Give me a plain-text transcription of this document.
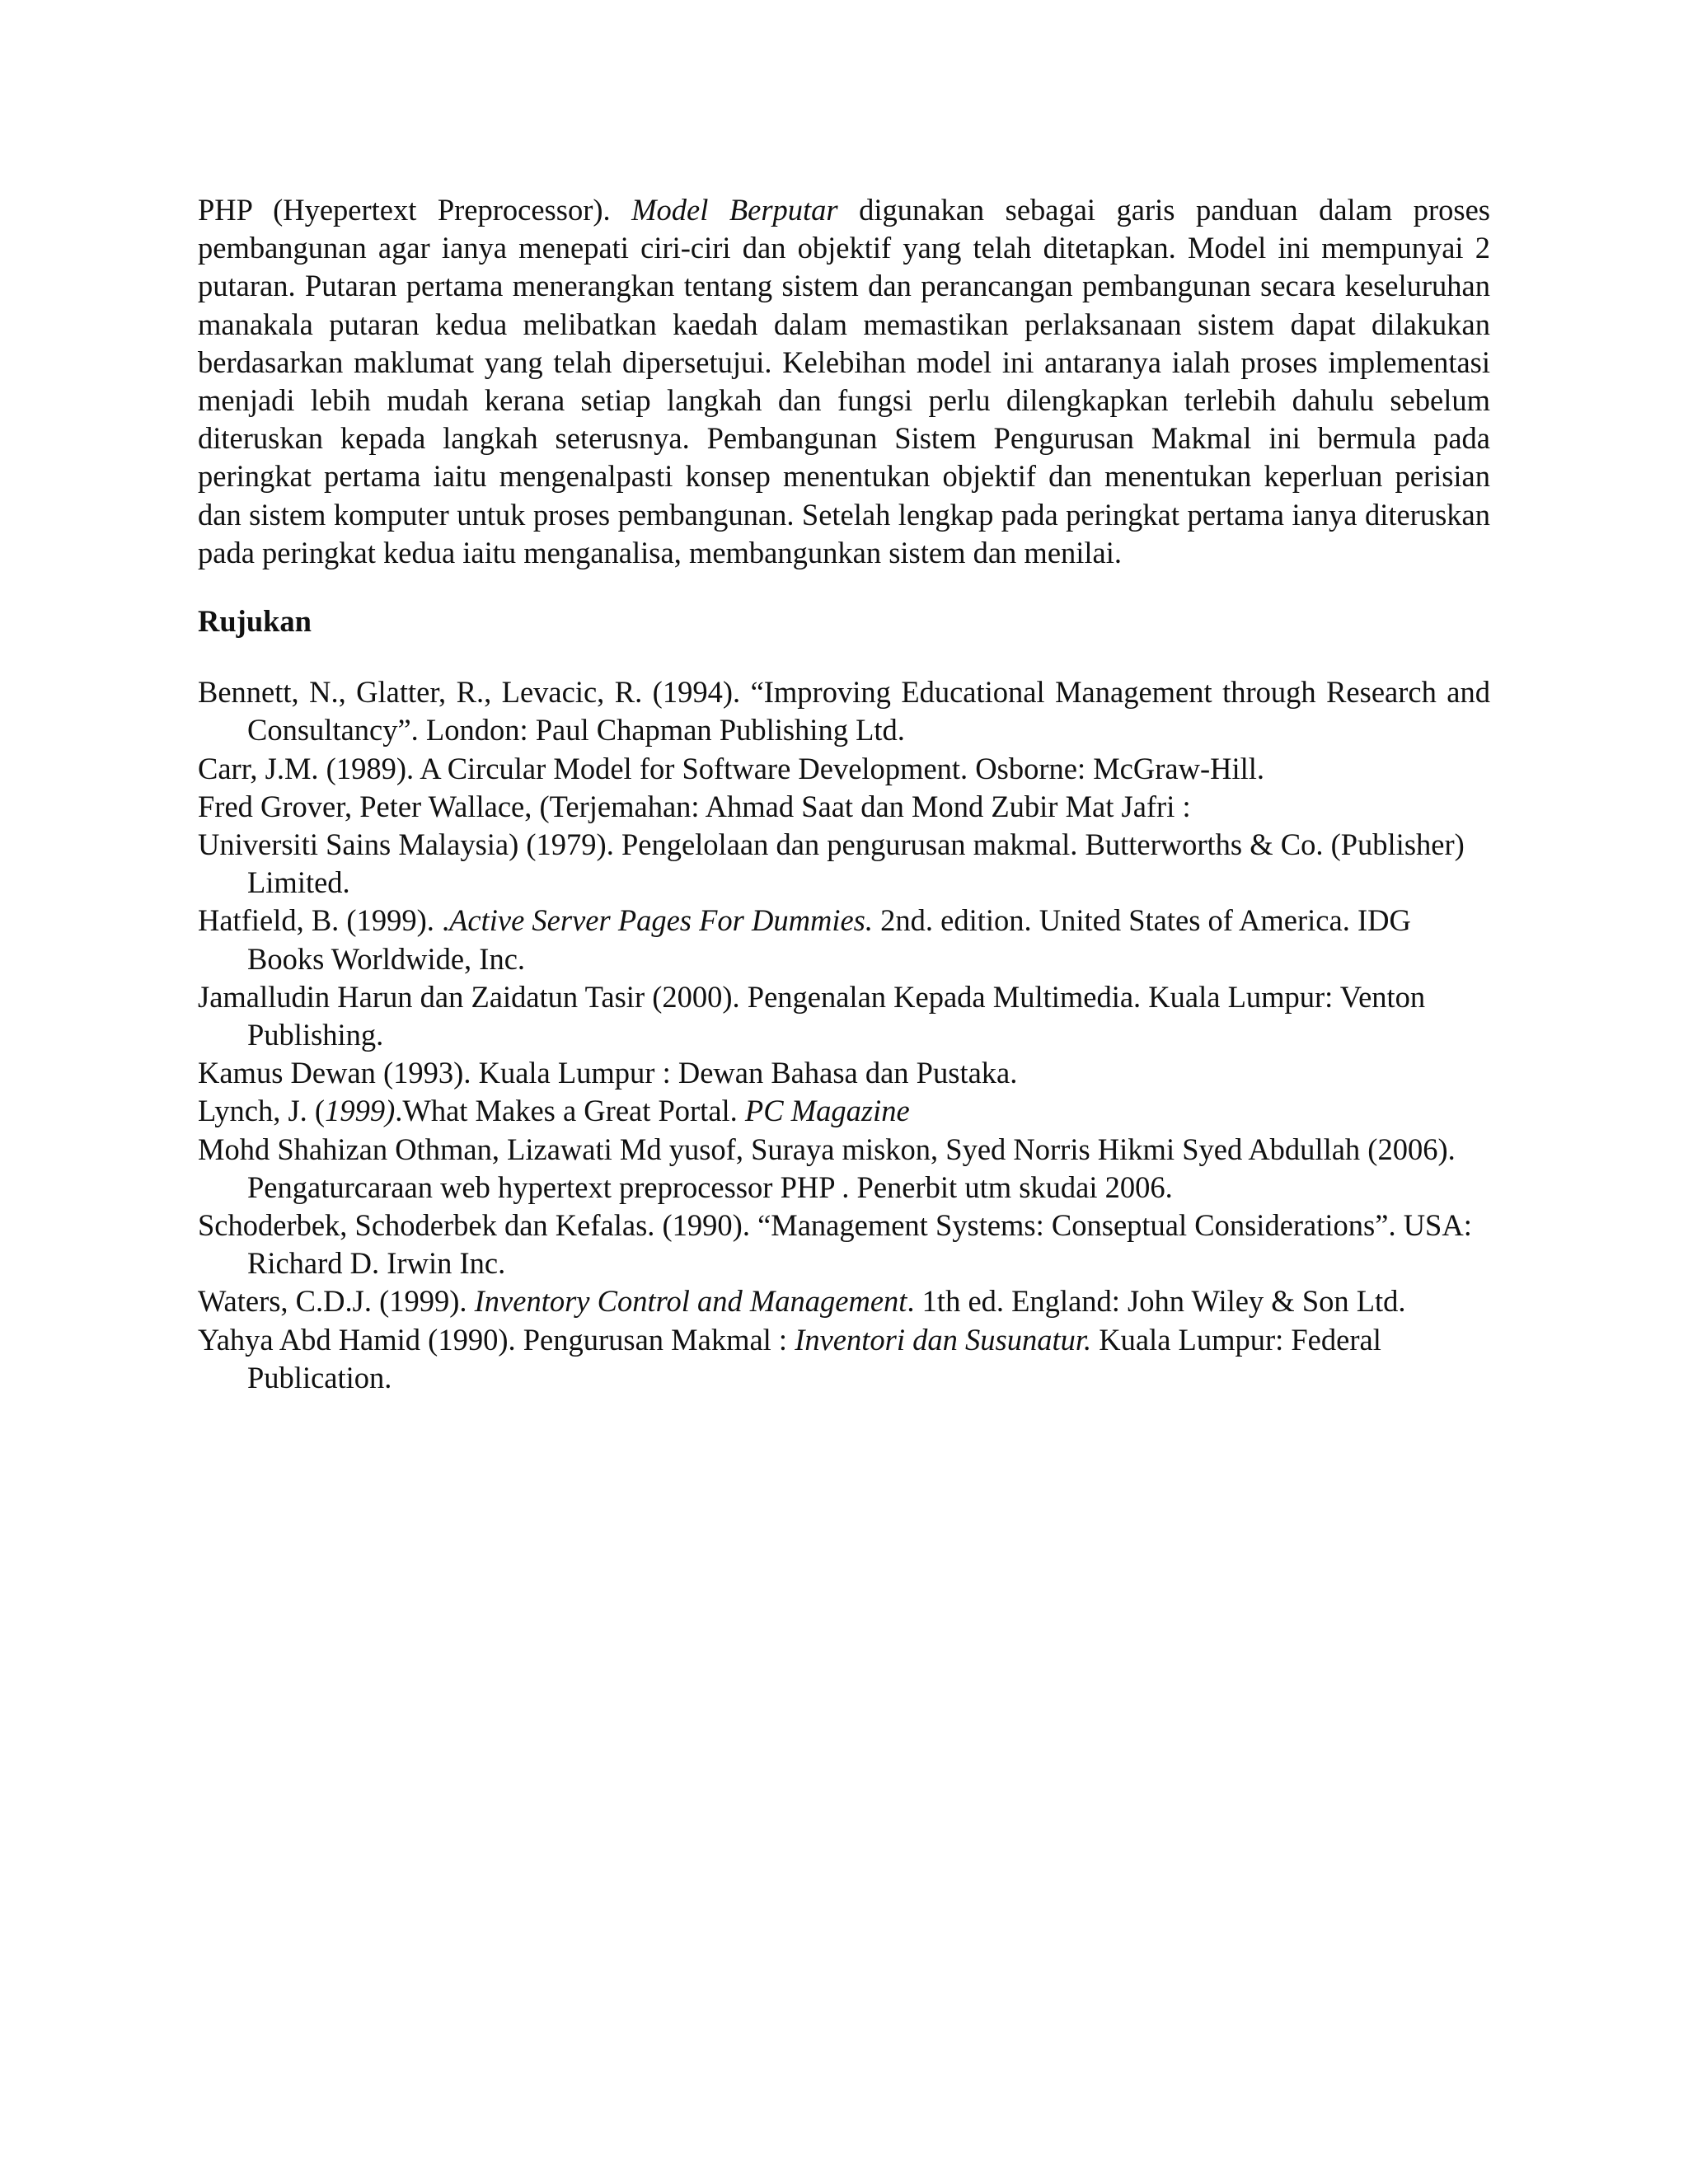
PHP (Hyepertext Preprocessor). Model Berputar digunakan sebagai garis panduan dalam proses pembangunan agar ianya menepati ciri-ciri dan objektif yang telah ditetapkan. Model ini mempunyai 2 putaran. Putaran pertama menerangkan tentang sistem dan perancangan pembangunan secara keseluruhan manakala putaran kedua melibatkan kaedah dalam memastikan perlaksanaan sistem dapat dilakukan berdasarkan maklumat yang telah dipersetujui. Kelebihan model ini antaranya ialah proses implementasi menjadi lebih mudah kerana setiap langkah dan fungsi perlu dilengkapkan terlebih dahulu sebelum diteruskan kepada langkah seterusnya. Pembangunan Sistem Pengurusan Makmal ini bermula pada peringkat pertama iaitu mengenalpasti konsep menentukan objektif dan menentukan keperluan perisian dan sistem komputer untuk proses pembangunan. Setelah lengkap pada peringkat pertama ianya diteruskan pada peringkat kedua iaitu menganalisa, membangunkan sistem dan menilai.

Rujukan

Bennett, N., Glatter, R., Levacic, R. (1994). “Improving Educational Management through Research and Consultancy”. London: Paul Chapman Publishing Ltd.

Carr, J.M. (1989). A Circular Model for Software Development. Osborne: McGraw-Hill.

Fred Grover, Peter Wallace, (Terjemahan: Ahmad Saat dan Mond Zubir Mat Jafri :

Universiti Sains Malaysia) (1979). Pengelolaan dan pengurusan makmal. Butterworths & Co. (Publisher) Limited.

Hatfield, B. (1999). .Active Server Pages For Dummies. 2nd. edition. United States of America. IDG Books Worldwide, Inc.

Jamalludin Harun dan Zaidatun Tasir (2000). Pengenalan Kepada Multimedia. Kuala Lumpur: Venton Publishing.

Kamus Dewan (1993). Kuala Lumpur : Dewan Bahasa dan Pustaka.

Lynch, J. (1999).What Makes a Great Portal. PC Magazine

Mohd Shahizan Othman, Lizawati Md yusof, Suraya miskon, Syed Norris Hikmi Syed Abdullah (2006). Pengaturcaraan web hypertext preprocessor PHP . Penerbit utm skudai 2006.

Schoderbek, Schoderbek dan Kefalas. (1990). “Management Systems: Conseptual Considerations”. USA: Richard D. Irwin Inc.

Waters, C.D.J. (1999). Inventory Control and Management. 1th ed. England: John Wiley & Son Ltd.

Yahya Abd Hamid (1990). Pengurusan Makmal : Inventori dan Susunatur. Kuala Lumpur: Federal Publication.
